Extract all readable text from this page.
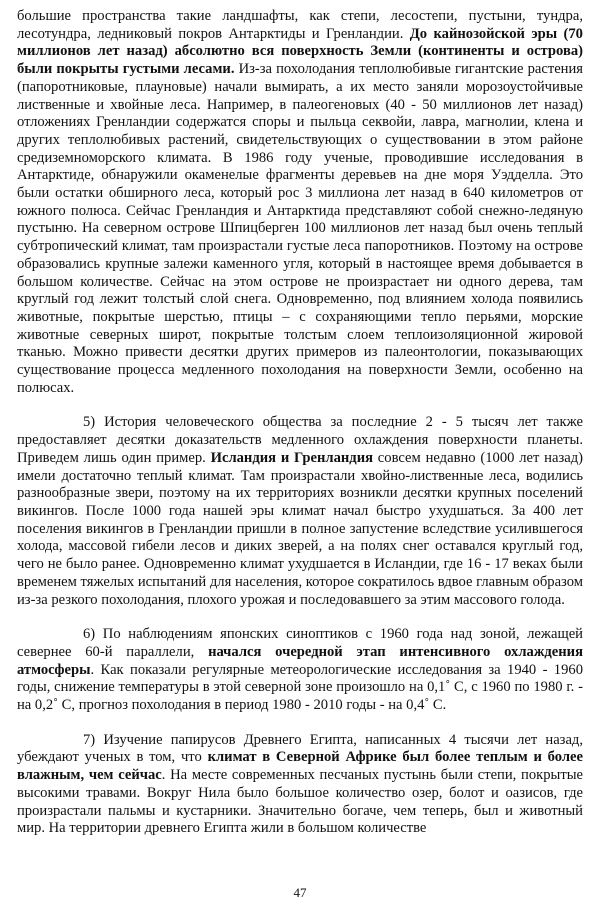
большие пространства такие ландшафты, как степи, лесостепи, пустыни, тундра, лесотундра, ледниковый покров Антарктиды и Гренландии. До кайнозойской эры (70 миллионов лет назад) абсолютно вся поверхность Земли (континенты и острова) были покрыты густыми лесами. Из-за похолодания теплолюбивые гигантские растения (папоротниковые, плауновые) начали вымирать, а их место заняли морозоустойчивые лиственные и хвойные леса. Например, в палеогеновых (40 - 50 миллионов лет назад) отложениях Гренландии содержатся споры и пыльца секвойи, лавра, магнолии, клена и других теплолюбивых растений, свидетельствующих о существовании в этом районе средиземноморского климата. В 1986 году ученые, проводившие исследования в Антарктиде, обнаружили окаменелые фрагменты деревьев на дне моря Уэдделла. Это были остатки обширного леса, который рос 3 миллиона лет назад в 640 километров от южного полюса. Сейчас Гренландия и Антарктида представляют собой снежно-ледяную пустыню. На северном острове Шпицберген 100 миллионов лет назад был очень теплый субтропический климат, там произрастали густые леса папоротников. Поэтому на острове образовались крупные залежи каменного угля, который в настоящее время добывается в большом количестве. Сейчас на этом острове не произрастает ни одного дерева, там круглый год лежит толстый слой снега. Одновременно, под влиянием холода появились животные, покрытые шерстью, птицы – с сохраняющими тепло перьями, морские животные северных широт, покрытые толстым слоем теплоизоляционной жировой тканью. Можно привести десятки других примеров из палеонтологии, показывающих существование процесса медленного похолодания на поверхности Земли, особенно на полюсах.

5) История человеческого общества за последние 2 - 5 тысяч лет также предоставляет десятки доказательств медленного охлаждения поверхности планеты. Приведем лишь один пример. Исландия и Гренландия совсем недавно (1000 лет назад) имели достаточно теплый климат. Там произрастали хвойно-лиственные леса, водились разнообразные звери, поэтому на их территориях возникли десятки крупных поселений викингов. После 1000 года нашей эры климат начал быстро ухудшаться. За 400 лет поселения викингов в Гренландии пришли в полное запустение вследствие усилившегося холода, массовой гибели лесов и диких зверей, а на полях снег оставался круглый год, чего не было ранее. Одновременно климат ухудшается в Исландии, где 16 - 17 веках были временем тяжелых испытаний для населения, которое сократилось вдвое главным образом из-за резкого похолодания, плохого урожая и последовавшего за этим массового голода.

6) По наблюдениям японских синоптиков с 1960 года над зоной, лежащей севернее 60-й параллели, начался очередной этап интенсивного охлаждения атмосферы. Как показали регулярные метеорологические исследования за 1940 - 1960 годы, снижение температуры в этой северной зоне произошло на 0,1˚ С, с 1960 по 1980 г. - на 0,2˚ С, прогноз похолодания в период 1980 - 2010 годы - на 0,4˚ С.

7) Изучение папирусов Древнего Египта, написанных 4 тысячи лет назад, убеждают ученых в том, что климат в Северной Африке был более теплым и более влажным, чем сейчас. На месте современных песчаных пустынь были степи, покрытые высокими травами. Вокруг Нила было большое количество озер, болот и оазисов, где произрастали пальмы и кустарники. Значительно богаче, чем теперь, был и животный мир. На территории древнего Египта жили в большом количестве

47
